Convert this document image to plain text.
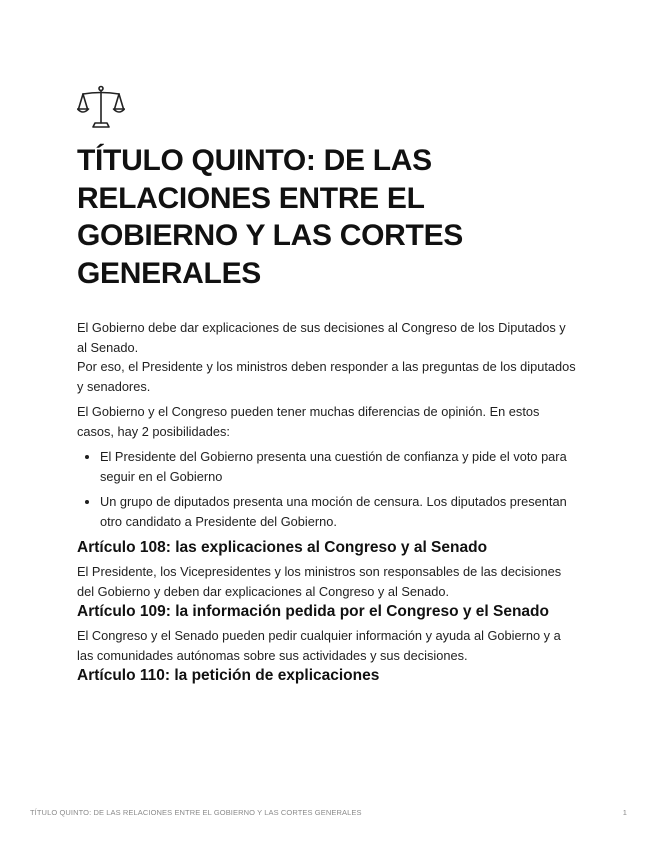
TÍTULO QUINTO: DE LAS RELACIONES ENTRE EL GOBIERNO Y LAS CORTES GENERALES

El Gobierno debe dar explicaciones de sus decisiones al Congreso de los Diputados y al Senado.
Por eso, el Presidente y los ministros deben responder a las preguntas de los diputados y senadores.

El Gobierno y el Congreso pueden tener muchas diferencias de opinión. En estos casos, hay 2 posibilidades:

• El Presidente del Gobierno presenta una cuestión de confianza y pide el voto para seguir en el Gobierno
• Un grupo de diputados presenta una moción de censura. Los diputados presentan otro candidato a Presidente del Gobierno.
Artículo 108: las explicaciones al Congreso y al Senado

El Presidente, los Vicepresidentes y los ministros son responsables de las decisiones del Gobierno y deben dar explicaciones al Congreso y al Senado.

Artículo 109: la información pedida por el Congreso y el Senado

El Congreso y el Senado pueden pedir cualquier información y ayuda al Gobierno y a las comunidades autónomas sobre sus actividades y sus decisiones.

Artículo 110: la petición de explicaciones
TÍTULO QUINTO: DE LAS RELACIONES ENTRE EL GOBIERNO Y LAS CORTES GENERALES	1
